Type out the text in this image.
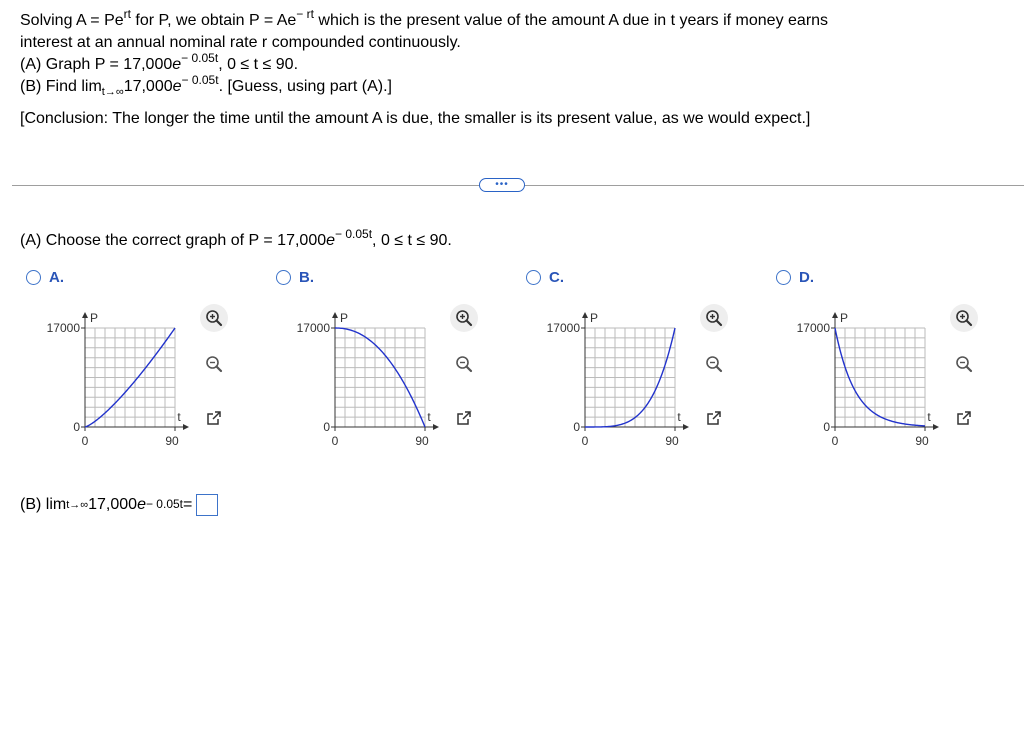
Solving $A = Pe^{rt}$ for P, we obtain $P = Ae^{- rt}$ which is the present value of the amount A due in t years if money earns

interest at an annual nominal rate r compounded continuously.

(A) Graph $P = 17,000e^{- 0.05t}$, 0 ≤ t ≤ 90.

(B) Find $\lim_{t\to\infty}17,000e^{- 0.05t}$. [Guess, using part (A).]

[Conclusion: The longer the time until the amount A is due, the smaller is its present value, as we would expect.]

•••
(A) Choose the correct graph of $P = 17,000e^{- 0.05t}$, 0 ≤ t ≤ 90.
A.	B.	C.	D.
P
17000
0
0	90
t
P
17000
0
0	90
t
P
17000
0
0	90
t
P
17000
0
0	90
t
(B) lim t→∞ 17,000 $e^{- 0.05t}$ =
